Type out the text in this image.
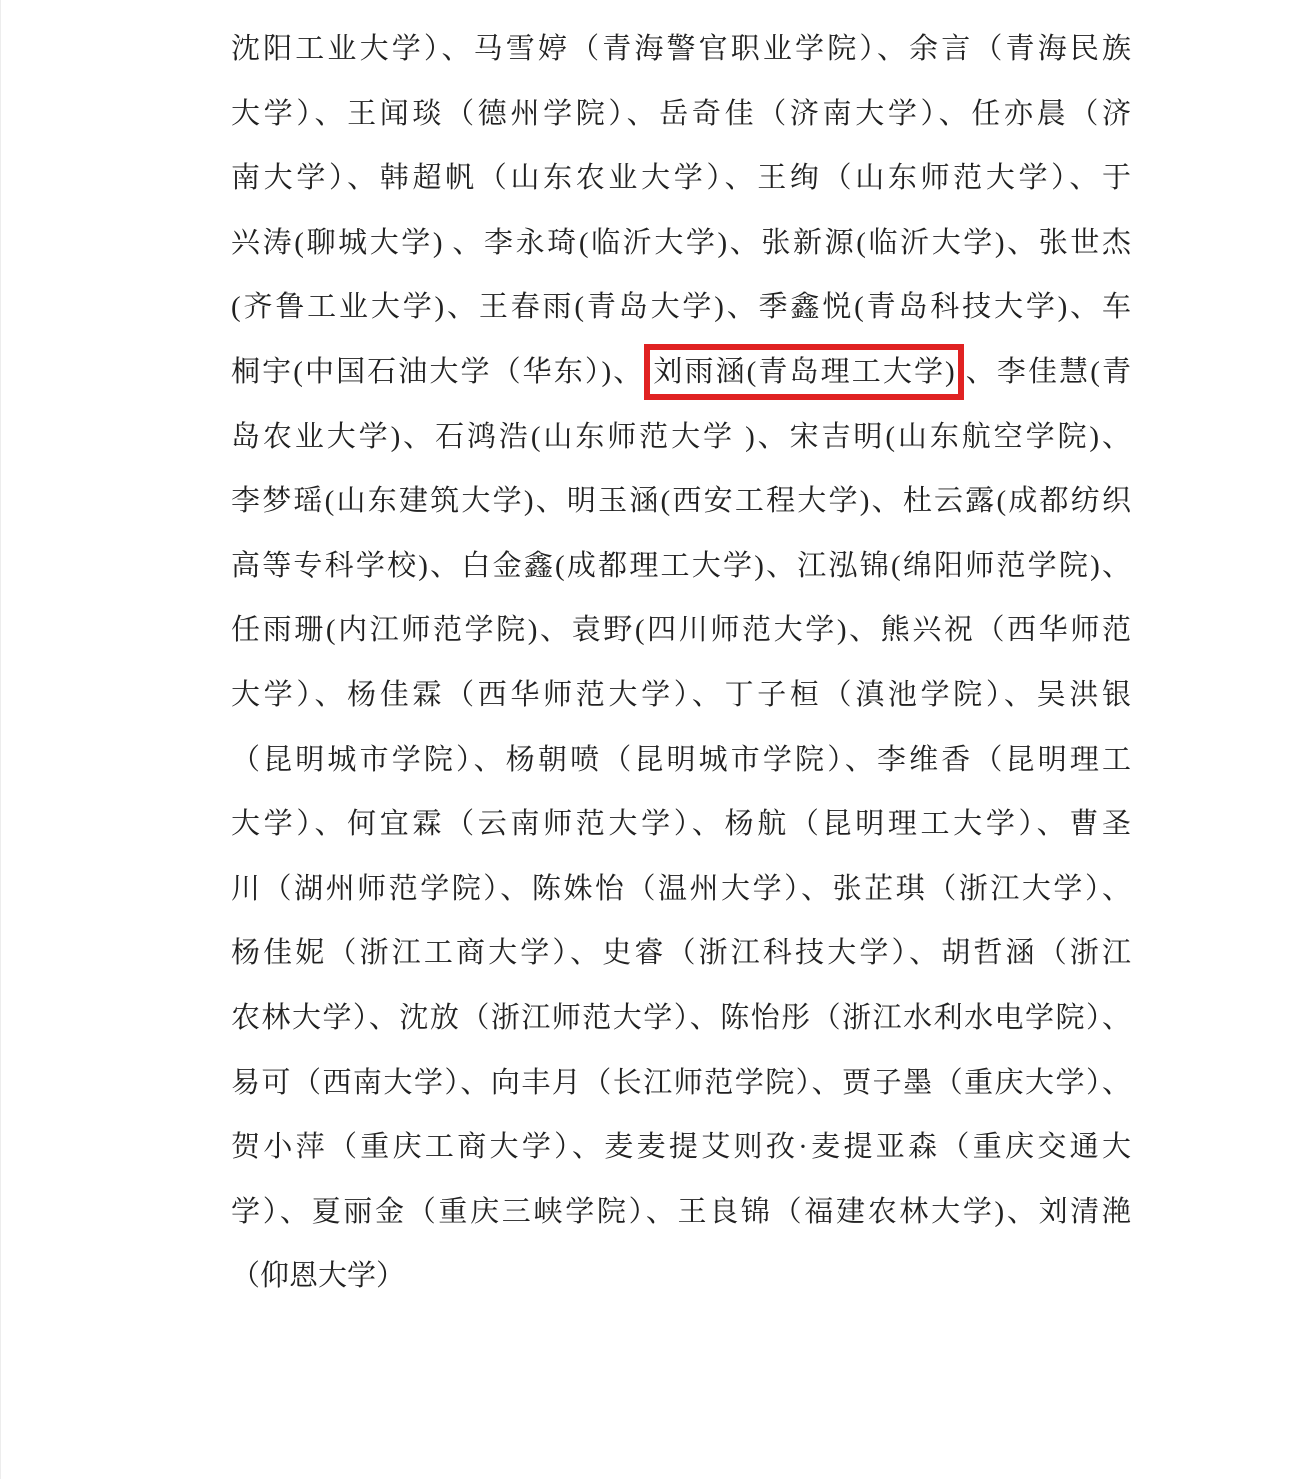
沈阳工业大学）、马雪婷（青海警官职业学院）、余言（青海民族
大学）、王闻琰（德州学院）、岳奇佳（济南大学）、任亦晨（济
南大学）、韩超帆（山东农业大学）、王绚（山东师范大学）、于
兴涛(聊城大学) 、李永琦(临沂大学)、张新源(临沂大学)、张世杰
(齐鲁工业大学)、王春雨(青岛大学)、季鑫悦(青岛科技大学)、车
桐宇(中国石油大学（华东）)、 刘雨涵(青岛理工大学) 、李佳慧(青
岛农业大学)、石鸿浩(山东师范大学 )、宋吉明(山东航空学院)、
李梦瑶(山东建筑大学)、明玉涵(西安工程大学)、杜云露(成都纺织
高等专科学校)、白金鑫(成都理工大学)、江泓锦(绵阳师范学院)、
任雨珊(内江师范学院)、袁野(四川师范大学)、熊兴祝（西华师范
大学）、杨佳霖（西华师范大学）、丁子桓（滇池学院）、吴洪银
（昆明城市学院）、杨朝喷（昆明城市学院）、李维香（昆明理工
大学）、何宜霖（云南师范大学）、杨航（昆明理工大学）、曹圣
川（湖州师范学院）、陈姝怡（温州大学）、张芷琪（浙江大学）、
杨佳妮（浙江工商大学）、史睿（浙江科技大学）、胡哲涵（浙江
农林大学）、沈放（浙江师范大学）、陈怡彤（浙江水利水电学院）、
易可（西南大学）、向丰月（长江师范学院）、贾子墨（重庆大学）、
贺小萍（重庆工商大学）、麦麦提艾则孜·麦提亚森（重庆交通大
学）、夏丽金（重庆三峡学院）、王良锦（福建农林大学)、刘清滟
（仰恩大学）
